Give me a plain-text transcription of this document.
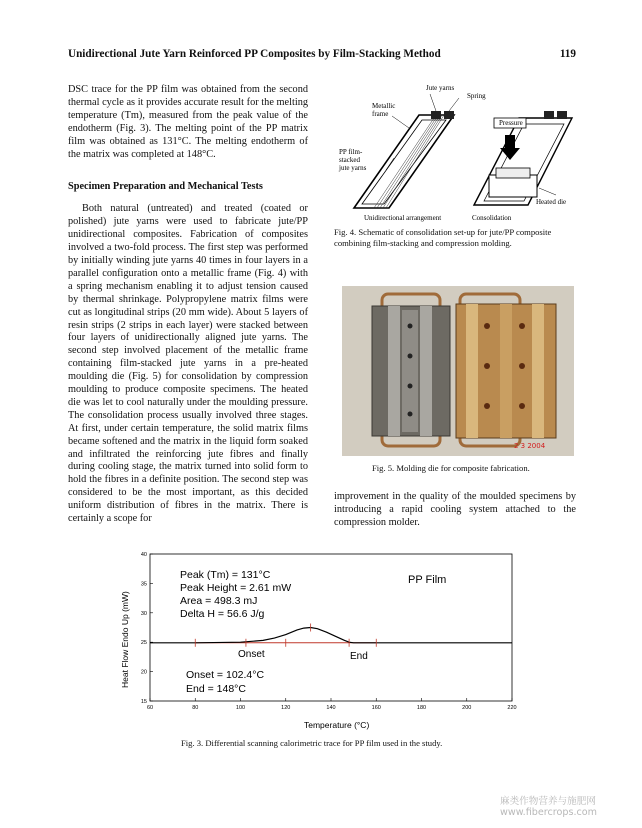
Unidirectional Jute Yarn Reinforced PP Composites by Film-Stacking Method	119

DSC trace for the PP film was obtained from the second thermal cycle as it provides accurate result for the melting temperature (Tm), measured from the peak value of the endotherm (Fig. 3). The melting point of the PP matrix film was obtained as 131°C. The melting endotherm of the matrix was completed at 148°C.

Specimen Preparation and Mechanical Tests

Both natural (untreated) and treated (coated or polished) jute yarns were used to fabricate jute/PP unidirectional composites. Fabrication of composites involved a two-fold process. The first step was performed by initially winding jute yarns 40 times in four layers in a parallel configuration onto a metallic frame (Fig. 4) with a spring mechanism enabling it to adjust tension caused by thermal shrinkage. Polypropylene matrix films were cut as longitudinal strips (20 mm wide). About 5 layers of resin strips (2 strips in each layer) were stacked between four layers of unidirectionally aligned jute yarns. The second step involved placement of the metallic frame containing film-stacked jute yarns in a pre-heated moulding die (Fig. 5) for consolidation by compression moulding to produce composite specimens. The heated die was let to cool naturally under the moulding pressure. The consolidation process usually involved three stages. At first, under certain temperature, the solid matrix films became softened and the matrix in the liquid form soaked and infiltrated the reinforcing jute fibres and finally during cooling stage, the matrix turned into solid form to hold the fibres in a definite position. The second step was considered to be the most important, as this decided uniform distribution of fibres in the matrix. There is certainly a scope for

Jute yarns
Spring
Metallic frame
Pressure
PP film-stacked jute yarns
Heated die
Unidirectional arrangement	Consolidation
Fig. 4. Schematic of consolidation set-up for jute/PP composite combining film-stacking and compression molding.
2 3 2004
Fig. 5. Molding die for composite fabrication.
improvement in the quality of the moulded specimens by introducing a rapid cooling system attached to the compression molder.
15
20
25
30
35
40
60	80	100	120	140	160	180	200	220
Peak (Tm) = 131°C
Peak Height = 2.61 mW
Area = 498.3 mJ
Delta H = 56.6 J/g
PP Film
Onset	End
Onset = 102.4°C
End = 148°C
Temperature (°C)
Heat Flow Endo Up (mW)
Fig. 3. Differential scanning calorimetric trace for PP film used in the study.
麻类作物营养与施肥网
www.fibercrops.com
